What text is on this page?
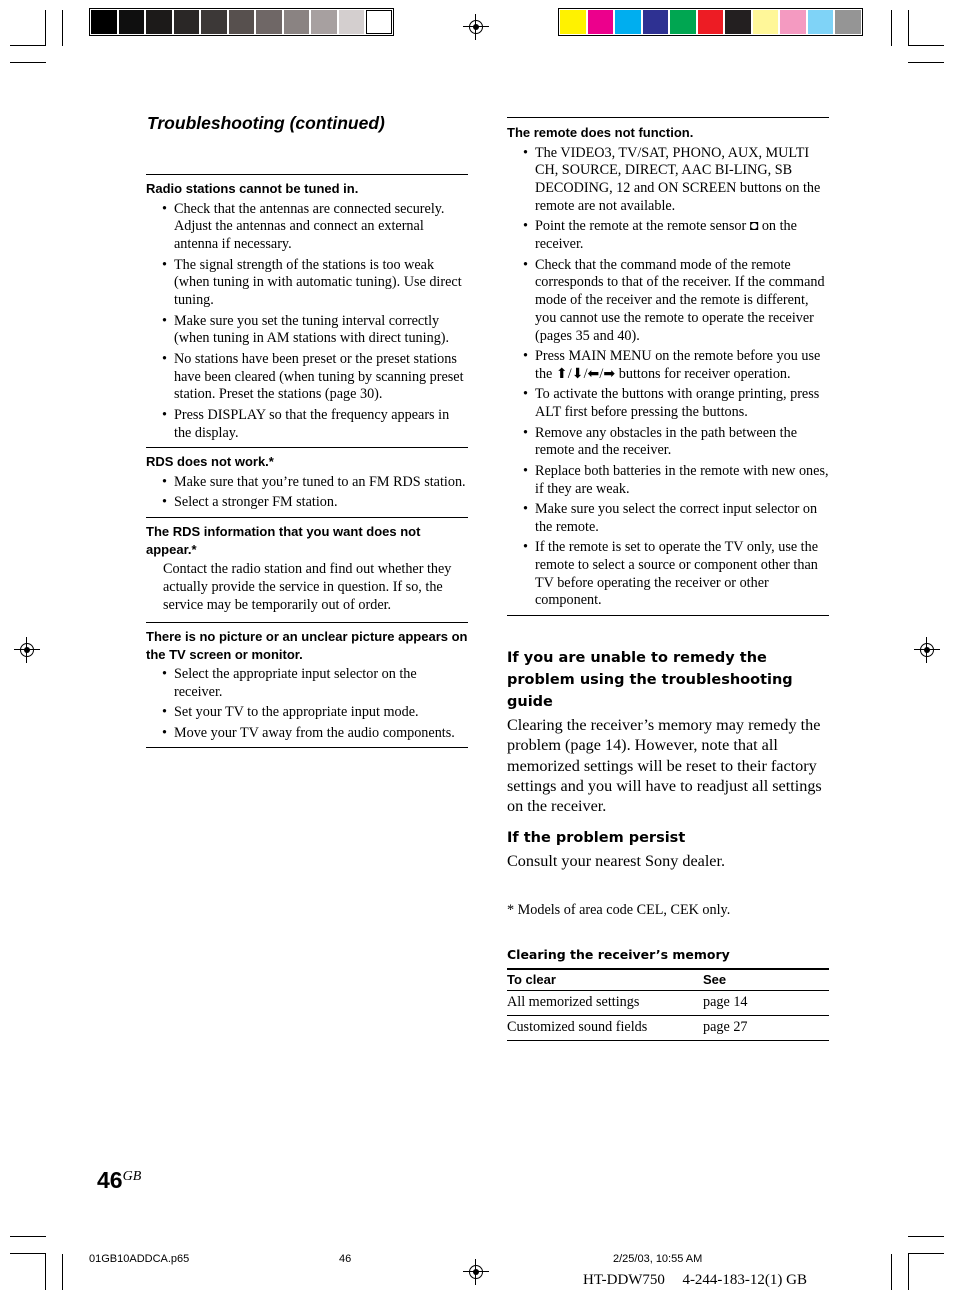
Troubleshooting (continued)

Radio stations cannot be tuned in.

• Check that the antennas are connected securely. Adjust the antennas and connect an external antenna if necessary.
• The signal strength of the stations is too weak (when tuning in with automatic tuning). Use direct tuning.
• Make sure you set the tuning interval correctly (when tuning in AM stations with direct tuning).
• No stations have been preset or the preset stations have been cleared (when tuning by scanning preset station. Preset the stations (page 30).
• Press DISPLAY so that the frequency appears in the display.

RDS does not work.*

• Make sure that you’re tuned to an FM RDS station.
• Select a stronger FM station.

The RDS information that you want does not appear.*

Contact the radio station and find out whether they actually provide the service in question. If so, the service may be temporarily out of order.

There is no picture or an unclear picture appears on the TV screen or monitor.

• Select the appropriate input selector on the receiver.
• Set your TV to the appropriate input mode.
• Move your TV away from the audio components.

The remote does not function.

• The VIDEO3, TV/SAT, PHONO, AUX, MULTI CH, SOURCE, DIRECT, AAC BI-LING, SB DECODING, 12 and ON SCREEN buttons on the remote are not available.
• Point the remote at the remote sensor ◘ on the receiver.
• Check that the command mode of the remote corresponds to that of the receiver. If the command mode of the receiver and the remote is different, you cannot use the remote to operate the receiver (pages 35 and 40).
• Press MAIN MENU on the remote before you use the ⬆/⬇/⬅/➡ buttons for receiver operation.
• To activate the buttons with orange printing, press ALT first before pressing the buttons.
• Remove any obstacles in the path between the remote and the receiver.
• Replace both batteries in the remote with new ones, if they are weak.
• Make sure you select the correct input selector on the remote.
• If the remote is set to operate the TV only, use the remote to select a source or component other than TV before operating the receiver or other component.

If you are unable to remedy the problem using the troubleshooting guide

Clearing the receiver’s memory may remedy the problem (page 14). However, note that all memorized settings will be reset to their factory settings and you will have to readjust all settings on the receiver.

If the problem persist

Consult your nearest Sony dealer.

* Models of area code CEL, CEK only.

Clearing the receiver’s memory

To clear	See
All memorized settings	page 14
Customized sound fields	page 27
46GB
01GB10ADDCA.p65	46	2/25/03, 10:55 AM
HT-DDW750 4-244-183-12(1) GB
